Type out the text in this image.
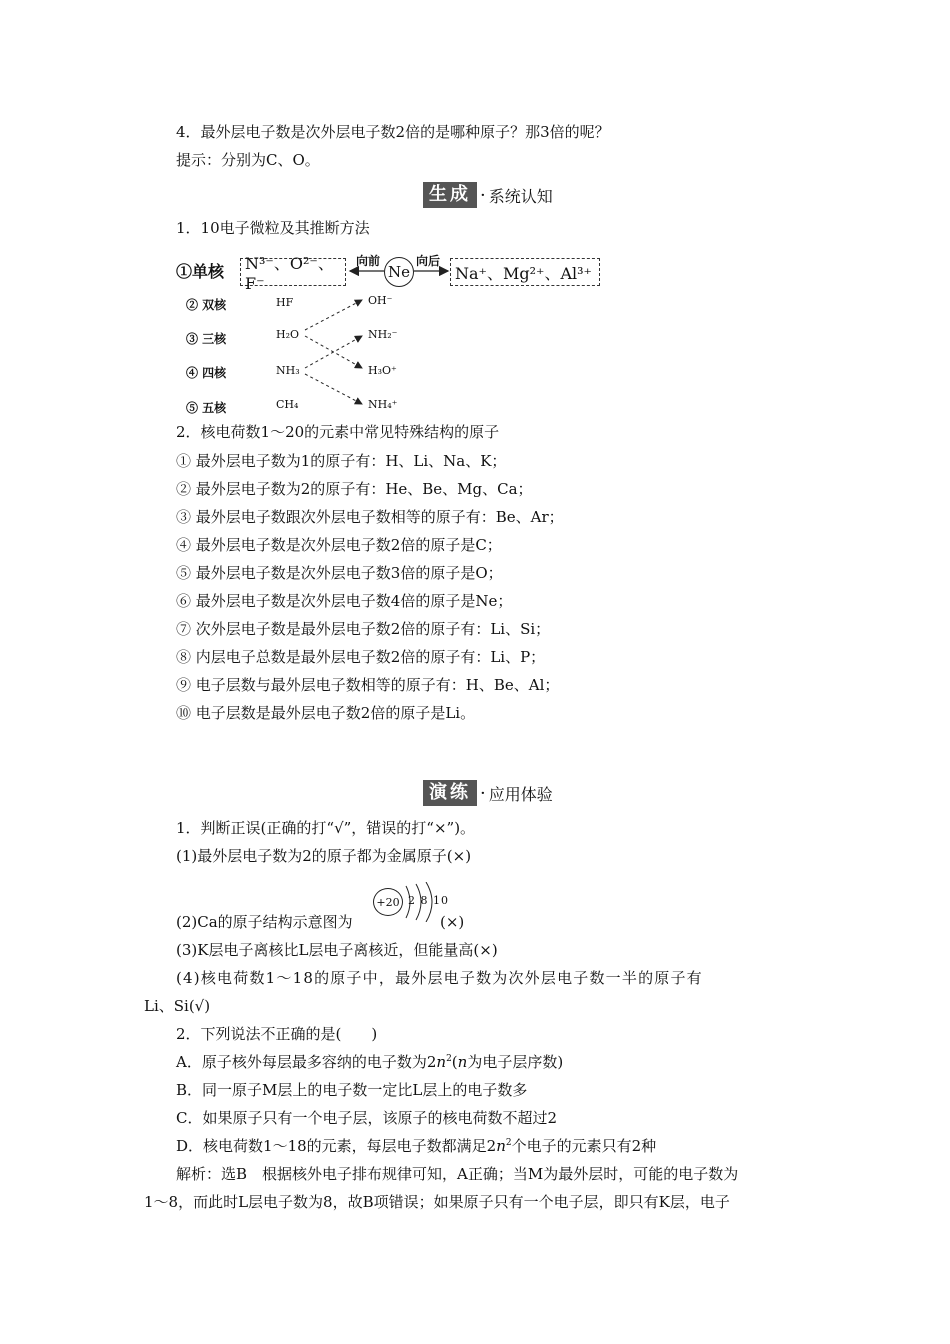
4．最外层电子数是次外层电子数2倍的是哪种原子？那3倍的呢？
提示：分别为C、O。
生成 · 系统认知
1．10电子微粒及其推断方法
①单核	N³⁻、O²⁻、F⁻
向前	向后
Ne	Na⁺、Mg²⁺、Al³⁺
② 双核	HF	OH⁻
③ 三核	H₂O	NH₂⁻
④ 四核	NH₃	H₃O⁺
⑤ 五核	CH₄	NH₄⁺
2．核电荷数1～20的元素中常见特殊结构的原子
① 最外层电子数为1的原子有：H、Li、Na、K；
② 最外层电子数为2的原子有：He、Be、Mg、Ca；
③ 最外层电子数跟次外层电子数相等的原子有：Be、Ar；
④ 最外层电子数是次外层电子数2倍的原子是C；
⑤ 最外层电子数是次外层电子数3倍的原子是O；
⑥ 最外层电子数是次外层电子数4倍的原子是Ne；
⑦ 次外层电子数是最外层电子数2倍的原子有：Li、Si；
⑧ 内层电子总数是最外层电子数2倍的原子有：Li、P；
⑨ 电子层数与最外层电子数相等的原子有：H、Be、Al；
⑩ 电子层数是最外层电子数2倍的原子是Li。
演练 · 应用体验
1．判断正误(正确的打“√”，错误的打“×”)。
(1)最外层电子数为2的原子都为金属原子(×)
(2)Ca的原子结构示意图为
+20 2 8 10
(×)
(3)K层电子离核比L层电子离核近，但能量高(×)
(4)核电荷数1～18的原子中，最外层电子数为次外层电子数一半的原子有
Li、Si(√)
2．下列说法不正确的是(　　)
A．原子核外每层最多容纳的电子数为$2n^2(n$为电子层序数)
B．同一原子M层上的电子数一定比L层上的电子数多
C．如果原子只有一个电子层，该原子的核电荷数不超过2
D．核电荷数1～18的元素，每层电子数都满足$2n^2$个电子的元素只有2种
解析：选B　根据核外电子排布规律可知，A正确；当M为最外层时，可能的电子数为
1～8，而此时L层电子数为8，故B项错误；如果原子只有一个电子层，即只有K层，电子
